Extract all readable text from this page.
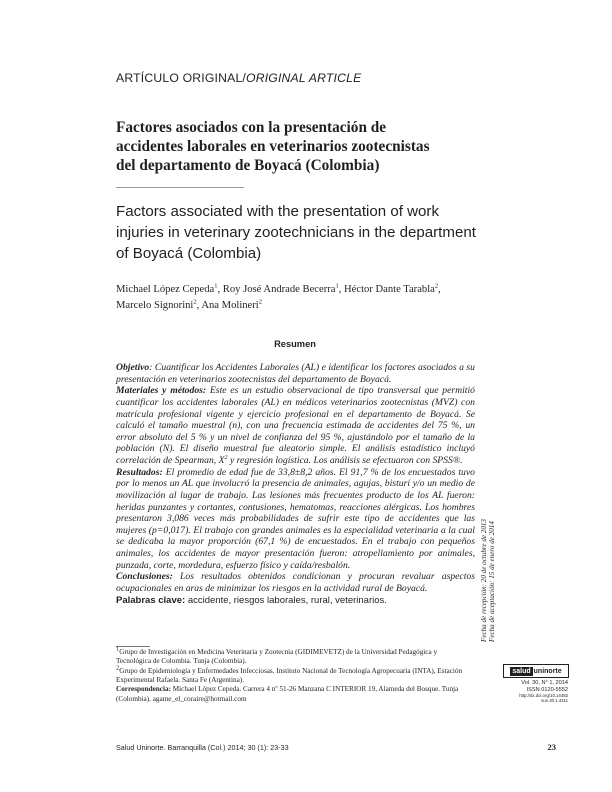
ARTÍCULO ORIGINAL/ORIGINAL ARTICLE
Factores asociados con la presentación de accidentes laborales en veterinarios zootecnistas del departamento de Boyacá (Colombia)
Factors associated with the presentation of work injuries in veterinary zootechnicians in the department of Boyacá (Colombia)
Michael López Cepeda$^1$, Roy José Andrade Becerra$^1$, Héctor Dante Tarabla$^2$,
Marcelo Signorini$^2$, Ana Molineri$^2$
Resumen

Objetivo: Cuantificar los Accidentes Laborales (AL) e identificar los factores asociados a su presentación en veterinarios zootecnistas del departamento de Boyacá.

Materiales y métodos: Este es un estudio observacional de tipo transversal que permitió cuantificar los accidentes laborales (AL) en médicos veterinarios zootecnistas (MVZ) con matrícula profesional vigente y ejercicio profesional en el departamento de Boyacá. Se calculó el tamaño muestral (n), con una frecuencia estimada de accidentes del 75 %, un error absoluto del 5 % y un nivel de confianza del 95 %, ajustándolo por el tamaño de la población (N). El diseño muestral fue aleatorio simple. El análisis estadístico incluyó correlación de Spearman, $X^2$ y regresión logística. Los análisis se efectuaron con SPSS®.

Resultados: El promedio de edad fue de 33,8±8,2 años. El 91,7 % de los encuestados tuvo por lo menos un AL que involucró la presencia de animales, agujas, bisturí y/o un medio de movilización al lugar de trabajo. Las lesiones más frecuentes producto de los AL fueron: heridas punzantes y cortantes, contusiones, hematomas, reacciones alérgicas. Los hombres presentaron 3,086 veces más probabilidades de sufrir este tipo de accidentes que las mujeres (p=0,017). El trabajo con grandes animales es la especialidad veterinaria a la cual se dedicaba la mayor proporción (67,1 %) de encuestados. En el trabajo con pequeños animales, los accidentes de mayor presentación fueron: atropellamiento por animales, punzada, corte, mordedura, esfuerzo físico y caída/resbalón.

Conclusiones: Los resultados obtenidos condicionan y procuran revaluar aspectos ocupacionales en aras de minimizar los riesgos en la actividad rural de Boyacá.

Palabras clave: accidente, riesgos laborales, rural, veterinarios.	Fecha de recepción: 20 de octubre de 2013 Fecha de aceptación: 15 de enero de 2014

$^1$Grupo de Investigación en Medicina Veterinaria y Zootecnia (GIDIMEVETZ) de la Universidad Pedagógica y Tecnológica de Colombia. Tunja (Colombia).

$^2$Grupo de Epidemiología y Enfermedades Infecciosas. Instituto Nacional de Tecnología Agropecuaria (INTA), Estación Experimental Rafaela. Santa Fe (Argentina).

Correspondencia: Michael López Cepeda. Carrera 4 nº 51-26 Manzana C INTERIOR 19, Alameda del Bosque. Tunja (Colombia). agame_el_coraire@hotmail.com

salud uninorte
Vol. 30, N° 1, 2014
ISSN 0120-5552
http://dx.doi.org/10.14482
sun.30.1.4311
Salud Uninorte. Barranquilla (Col.) 2014; 30 (1): 23-33	23
